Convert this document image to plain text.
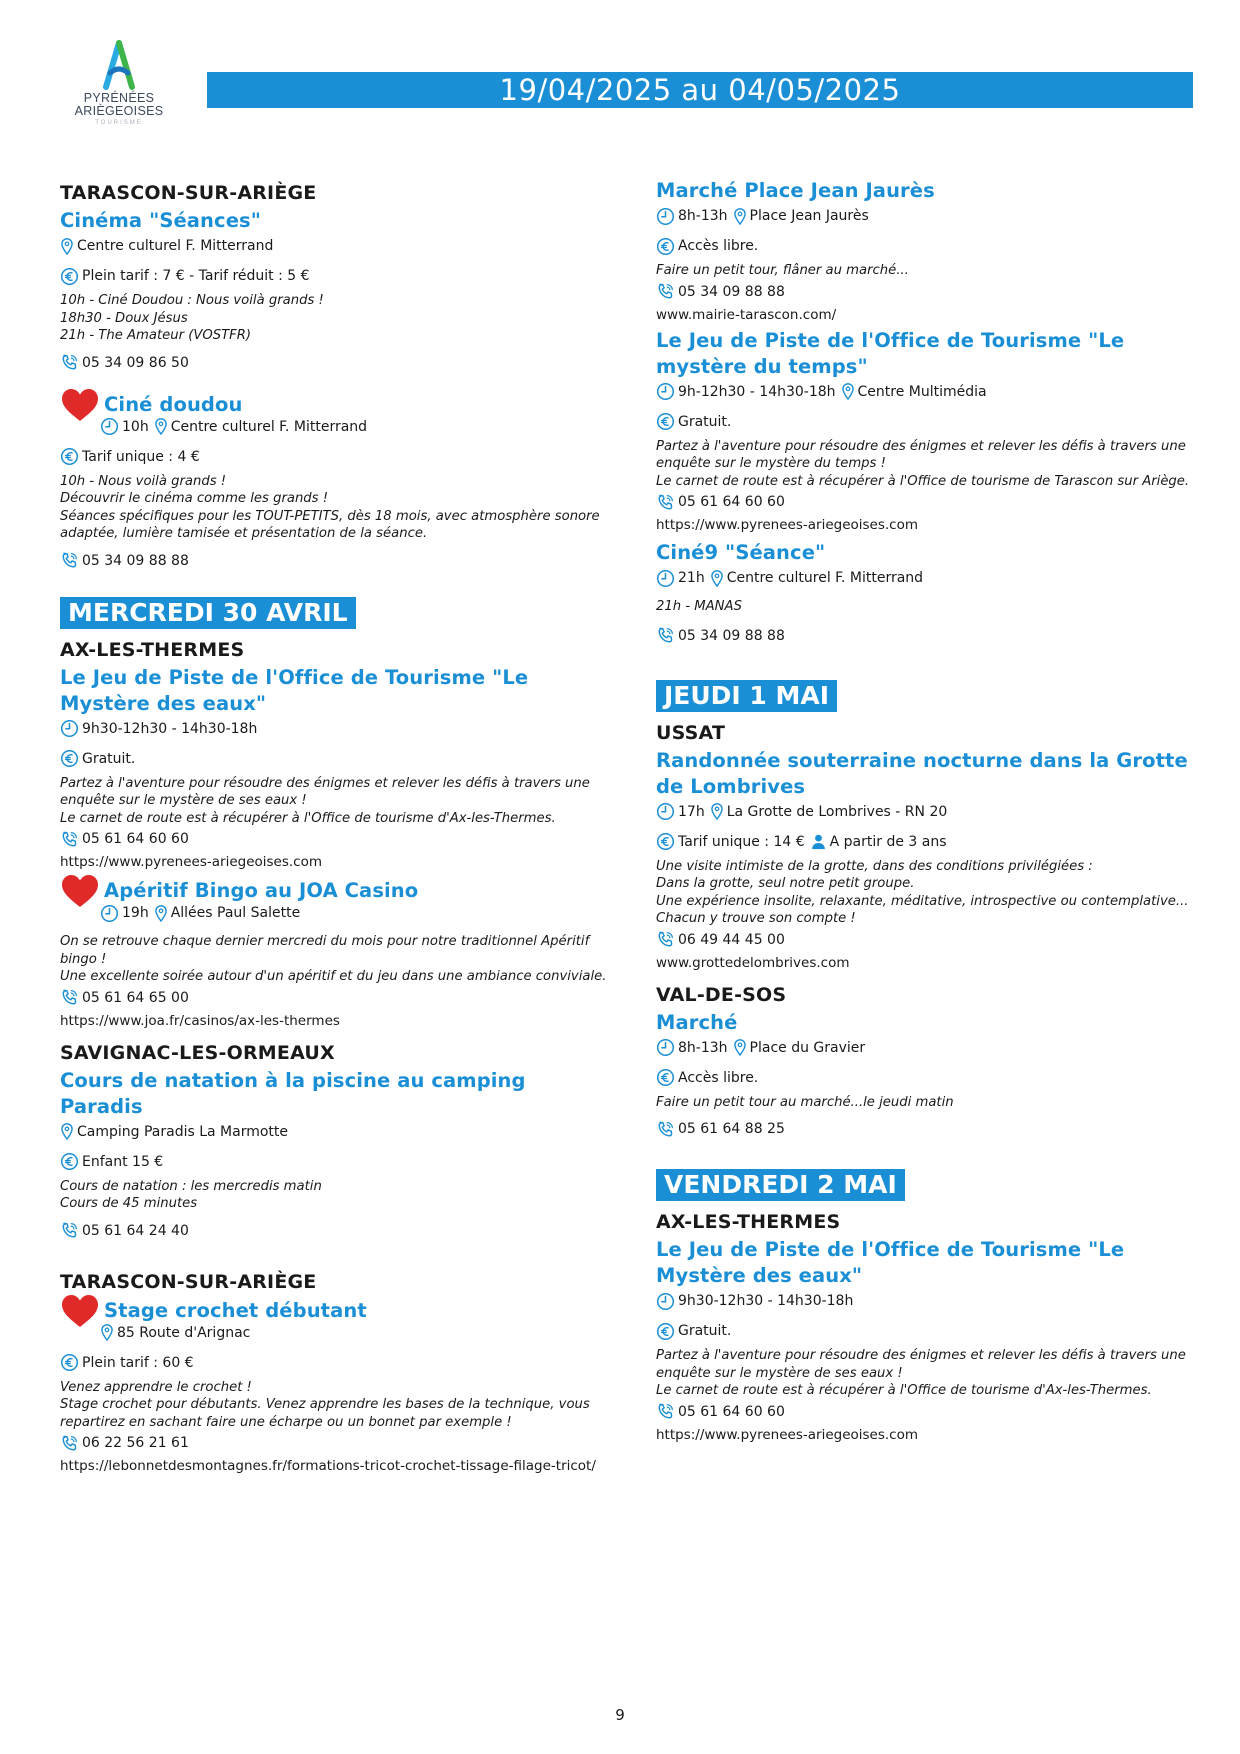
PYRÉNÉES
ARIÈGEOISES
TOURISME
19/04/2025 au 04/05/2025
TARASCON-SUR-ARIÈGE
Cinéma "Séances"
Centre culturel F. Mitterrand
Plein tarif : 7 € - Tarif réduit : 5 €
10h - Ciné Doudou : Nous voilà grands !
18h30 - Doux Jésus
21h - The Amateur (VOSTFR)
05 34 09 86 50
Ciné doudou
10h Centre culturel F. Mitterrand
Tarif unique : 4 €
10h - Nous voilà grands !
Découvrir le cinéma comme les grands !
Séances spécifiques pour les TOUT-PETITS, dès 18 mois, avec atmosphère sonore adaptée, lumière tamisée et présentation de la séance.
05 34 09 88 88
MERCREDI 30 AVRIL
AX-LES-THERMES
Le Jeu de Piste de l'Office de Tourisme "Le Mystère des eaux"
9h30-12h30 - 14h30-18h
Gratuit.
Partez à l'aventure pour résoudre des énigmes et relever les défis à travers une enquête sur le mystère de ses eaux !
Le carnet de route est à récupérer à l'Office de tourisme d'Ax-les-Thermes.
05 61 64 60 60
https://www.pyrenees-ariegeoises.com
Apéritif Bingo au JOA Casino
19h Allées Paul Salette
On se retrouve chaque dernier mercredi du mois pour notre traditionnel Apéritif bingo !
Une excellente soirée autour d'un apéritif et du jeu dans une ambiance conviviale.
05 61 64 65 00
https://www.joa.fr/casinos/ax-les-thermes
SAVIGNAC-LES-ORMEAUX
Cours de natation à la piscine au camping Paradis
Camping Paradis La Marmotte
Enfant 15 €
Cours de natation : les mercredis matin
Cours de 45 minutes
05 61 64 24 40
TARASCON-SUR-ARIÈGE
Stage crochet débutant
85 Route d'Arignac
Plein tarif : 60 €
Venez apprendre le crochet !
Stage crochet pour débutants. Venez apprendre les bases de la technique, vous repartirez en sachant faire une écharpe ou un bonnet par exemple !
06 22 56 21 61
https://lebonnetdesmontagnes.fr/formations-tricot-crochet-tissage-filage-tricot/
Marché Place Jean Jaurès
8h-13h Place Jean Jaurès
Accès libre.
Faire un petit tour, flâner au marché...
05 34 09 88 88
www.mairie-tarascon.com/
Le Jeu de Piste de l'Office de Tourisme "Le mystère du temps"
9h-12h30 - 14h30-18h Centre Multimédia
Gratuit.
Partez à l'aventure pour résoudre des énigmes et relever les défis à travers une enquête sur le mystère du temps !
Le carnet de route est à récupérer à l'Office de tourisme de Tarascon sur Ariège.
05 61 64 60 60
https://www.pyrenees-ariegeoises.com
Ciné9 "Séance"
21h Centre culturel F. Mitterrand
21h - MANAS
05 34 09 88 88
JEUDI 1 MAI
USSAT
Randonnée souterraine nocturne dans la Grotte de Lombrives
17h La Grotte de Lombrives - RN 20
Tarif unique : 14 € A partir de 3 ans
Une visite intimiste de la grotte, dans des conditions privilégiées :
Dans la grotte, seul notre petit groupe.
Une expérience insolite, relaxante, méditative, introspective ou contemplative... Chacun y trouve son compte !
06 49 44 45 00
www.grottedelombrives.com
VAL-DE-SOS
Marché
8h-13h Place du Gravier
Accès libre.
Faire un petit tour au marché...le jeudi matin
05 61 64 88 25
VENDREDI 2 MAI
AX-LES-THERMES
Le Jeu de Piste de l'Office de Tourisme "Le Mystère des eaux"
9h30-12h30 - 14h30-18h
Gratuit.
Partez à l'aventure pour résoudre des énigmes et relever les défis à travers une enquête sur le mystère de ses eaux !
Le carnet de route est à récupérer à l'Office de tourisme d'Ax-les-Thermes.
05 61 64 60 60
https://www.pyrenees-ariegeoises.com
9
